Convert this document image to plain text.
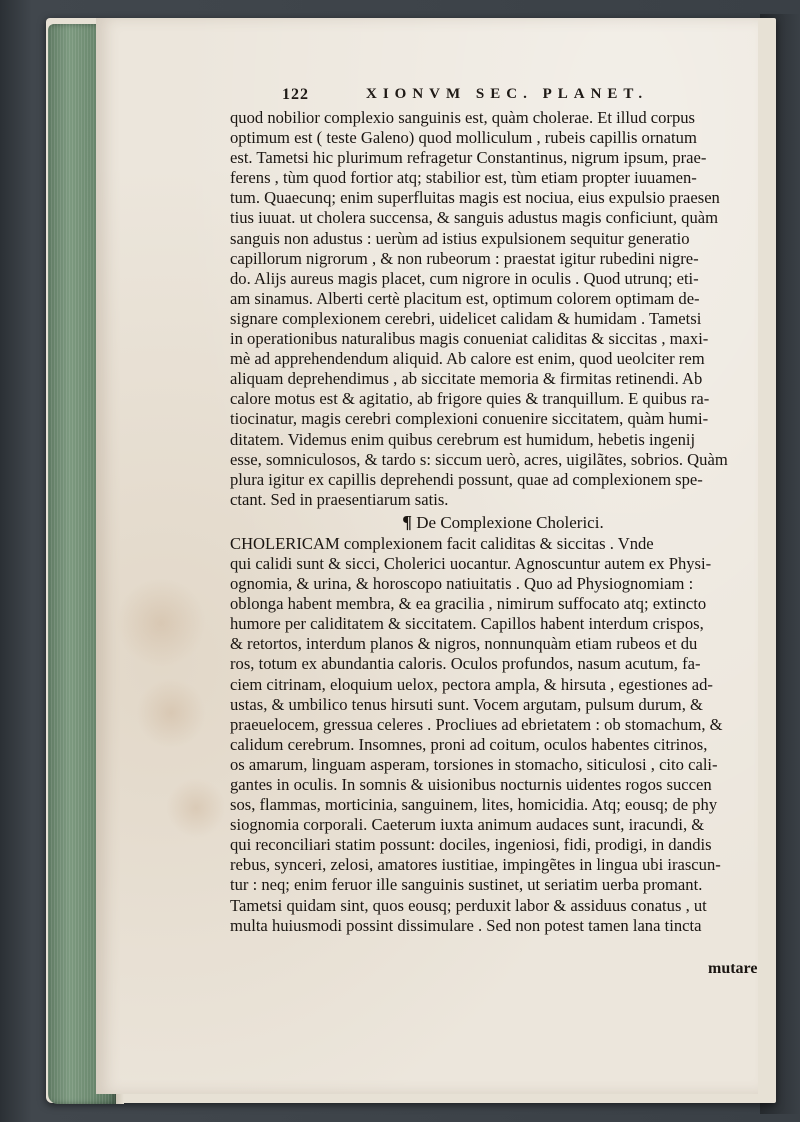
122	XIONVM SEC. PLANET.
quod nobilior complexio sanguinis est, quàm cholerae. Et illud corpus
optimum est ( teste Galeno) quod molliculum , rubeis capillis ornatum
est. Tametsi hic plurimum refragetur Constantinus, nigrum ipsum, prae-
ferens , tùm quod fortior atq; stabilior est, tùm etiam propter iuuamen-
tum. Quaecunq; enim superfluitas magis est nociua, eius expulsio praesen
tius iuuat. ut cholera succensa, & sanguis adustus magis conficiunt, quàm
sanguis non adustus : uerùm ad istius expulsionem sequitur generatio
capillorum nigrorum , & non rubeorum : praestat igitur rubedini nigre-
do. Alijs aureus magis placet, cum nigrore in oculis . Quod utrunq; eti-
am sinamus. Alberti certè placitum est, optimum colorem optimam de-
signare complexionem cerebri, uidelicet calidam & humidam . Tametsi
in operationibus naturalibus magis conueniat caliditas & siccitas , maxi-
mè ad apprehendendum aliquid. Ab calore est enim, quod ueolciter rem
aliquam deprehendimus , ab siccitate memoria & firmitas retinendi. Ab
calore motus est & agitatio, ab frigore quies & tranquillum. E quibus ra-
tiocinatur, magis cerebri complexioni conuenire siccitatem, quàm humi-
ditatem. Videmus enim quibus cerebrum est humidum, hebetis ingenij
esse, somniculosos, & tardo s: siccum uerò, acres, uigilãtes, sobrios. Quàm
plura igitur ex capillis deprehendi possunt, quae ad complexionem spe-
ctant. Sed in praesentiarum satis.
¶ De Complexione Cholerici.
CHOLERICAM complexionem facit caliditas & siccitas . Vnde
qui calidi sunt & sicci, Cholerici uocantur. Agnoscuntur autem ex Physi-
ognomia, & urina, & horoscopo natiuitatis . Quo ad Physiognomiam :
oblonga habent membra, & ea gracilia , nimirum suffocato atq; extincto
humore per caliditatem & siccitatem. Capillos habent interdum crispos,
& retortos, interdum planos & nigros, nonnunquàm etiam rubeos et du
ros, totum ex abundantia caloris. Oculos profundos, nasum acutum, fa-
ciem citrinam, eloquium uelox, pectora ampla, & hirsuta , egestiones ad-
ustas, & umbilico tenus hirsuti sunt. Vocem argutam, pulsum durum, &
praeuelocem, gressua celeres . Procliues ad ebrietatem : ob stomachum, &
calidum cerebrum. Insomnes, proni ad coitum, oculos habentes citrinos,
os amarum, linguam asperam, torsiones in stomacho, siticulosi , cito cali-
gantes in oculis. In somnis & uisionibus nocturnis uidentes rogos succen
sos, flammas, morticinia, sanguinem, lites, homicidia. Atq; eousq; de phy
siognomia corporali. Caeterum iuxta animum audaces sunt, iracundi, &
qui reconciliari statim possunt: dociles, ingeniosi, fidi, prodigi, in dandis
rebus, synceri, zelosi, amatores iustitiae, impingẽtes in lingua ubi irascun-
tur : neq; enim feruor ille sanguinis sustinet, ut seriatim uerba promant.
Tametsi quidam sint, quos eousq; perduxit labor & assiduus conatus , ut
multa huiusmodi possint dissimulare . Sed non potest tamen lana tincta
mutare
